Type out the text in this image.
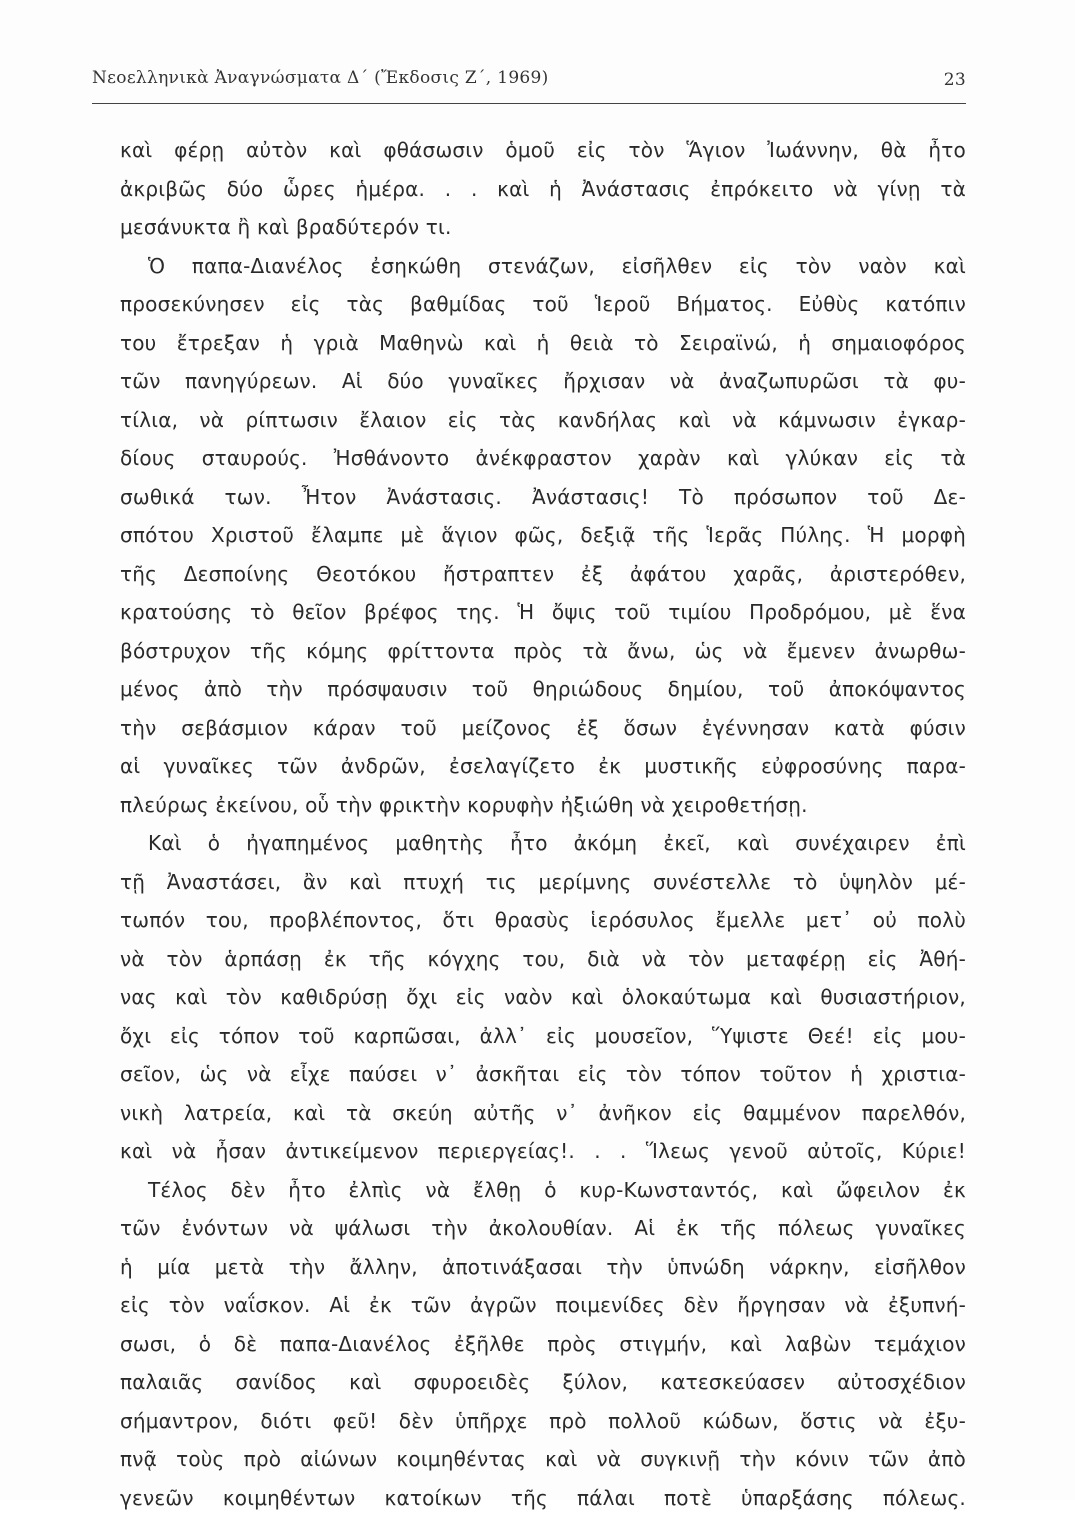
Νεοελληνικὰ Ἀναγνώσματα Δ΄ (Ἔκδοσις Ζ΄, 1969)	23
καὶ φέρῃ αὐτὸν καὶ φθάσωσιν ὁμοῦ εἰς τὸν Ἅγιον Ἰωάννην, θὰ ἦτο
ἀκριβῶς δύο ὧρες ἡμέρα. . . καὶ ἡ Ἀνάστασις ἐπρόκειτο νὰ γίνῃ τὰ
μεσάνυκτα ἢ καὶ βραδύτερόν τι.
Ὁ παπα-Διανέλος ἐσηκώθη στενάζων, εἰσῆλθεν εἰς τὸν ναὸν καὶ
προσεκύνησεν εἰς τὰς βαθμίδας τοῦ Ἱεροῦ Βήματος. Εὐθὺς κατόπιν
του ἔτρεξαν ἡ γριὰ Μαθηνὼ καὶ ἡ θειὰ τὸ Σειραϊνώ, ἡ σημαιοφόρος
τῶν πανηγύρεων. Αἱ δύο γυναῖκες ἤρχισαν νὰ ἀναζωπυρῶσι τὰ φυ-
τίλια, νὰ ρίπτωσιν ἔλαιον εἰς τὰς κανδήλας καὶ νὰ κάμνωσιν ἐγκαρ-
δίους σταυρούς. Ἠσθάνοντο ἀνέκφραστον χαρὰν καὶ γλύκαν εἰς τὰ
σωθικά των. Ἦτον Ἀνάστασις. Ἀνάστασις! Τὸ πρόσωπον τοῦ Δε-
σπότου Χριστοῦ ἔλαμπε μὲ ἅγιον φῶς, δεξιᾷ τῆς Ἱερᾶς Πύλης. Ἡ μορφὴ
τῆς Δεσποίνης Θεοτόκου ἤστραπτεν ἐξ ἀφάτου χαρᾶς, ἀριστερόθεν,
κρατούσης τὸ θεῖον βρέφος της. Ἡ ὄψις τοῦ τιμίου Προδρόμου, μὲ ἕνα
βόστρυχον τῆς κόμης φρίττοντα πρὸς τὰ ἄνω, ὡς νὰ ἔμενεν ἀνωρθω-
μένος ἀπὸ τὴν πρόσψαυσιν τοῦ θηριώδους δημίου, τοῦ ἀποκόψαντος
τὴν σεβάσμιον κάραν τοῦ μείζονος ἐξ ὅσων ἐγέννησαν κατὰ φύσιν
αἱ γυναῖκες τῶν ἀνδρῶν, ἐσελαγίζετο ἐκ μυστικῆς εὐφροσύνης παρα-
πλεύρως ἐκείνου, οὗ τὴν φρικτὴν κορυφὴν ἠξιώθη νὰ χειροθετήσῃ.
Καὶ ὁ ἠγαπημένος μαθητὴς ἦτο ἀκόμη ἐκεῖ, καὶ συνέχαιρεν ἐπὶ
τῇ Ἀναστάσει, ἂν καὶ πτυχή τις μερίμνης συνέστελλε τὸ ὑψηλὸν μέ-
τωπόν του, προβλέποντος, ὅτι θρασὺς ἱερόσυλος ἔμελλε μετ᾽ οὐ πολὺ
νὰ τὸν ἁρπάσῃ ἐκ τῆς κόγχης του, διὰ νὰ τὸν μεταφέρῃ εἰς Ἀθή-
νας καὶ τὸν καθιδρύσῃ ὄχι εἰς ναὸν καὶ ὁλοκαύτωμα καὶ θυσιαστήριον,
ὄχι εἰς τόπον τοῦ καρπῶσαι, ἀλλ᾽ εἰς μουσεῖον, Ὕψιστε Θεέ! εἰς μου-
σεῖον, ὡς νὰ εἶχε παύσει ν᾽ ἀσκῆται εἰς τὸν τόπον τοῦτον ἡ χριστια-
νικὴ λατρεία, καὶ τὰ σκεύη αὐτῆς ν᾽ ἀνῆκον εἰς θαμμένον παρελθόν,
καὶ νὰ ἦσαν ἀντικείμενον περιεργείας!. . . Ἵλεως γενοῦ αὐτοῖς, Κύριε!
Τέλος δὲν ἦτο ἐλπὶς νὰ ἔλθῃ ὁ κυρ-Κωνσταντός, καὶ ὤφειλον ἐκ
τῶν ἐνόντων νὰ ψάλωσι τὴν ἀκολουθίαν. Αἱ ἐκ τῆς πόλεως γυναῖκες
ἡ μία μετὰ τὴν ἄλλην, ἀποτινάξασαι τὴν ὑπνώδη νάρκην, εἰσῆλθον
εἰς τὸν ναΐσκον. Αἱ ἐκ τῶν ἀγρῶν ποιμενίδες δὲν ἤργησαν νὰ ἐξυπνή-
σωσι, ὁ δὲ παπα-Διανέλος ἐξῆλθε πρὸς στιγμήν, καὶ λαβὼν τεμάχιον
παλαιᾶς σανίδος καὶ σφυροειδὲς ξύλον, κατεσκεύασεν αὐτοσχέδιον
σήμαντρον, διότι φεῦ! δὲν ὑπῆρχε πρὸ πολλοῦ κώδων, ὅστις νὰ ἐξυ-
πνᾷ τοὺς πρὸ αἰώνων κοιμηθέντας καὶ νὰ συγκινῇ τὴν κόνιν τῶν ἀπὸ
γενεῶν κοιμηθέντων κατοίκων τῆς πάλαι ποτὲ ὑπαρξάσης πόλεως.
